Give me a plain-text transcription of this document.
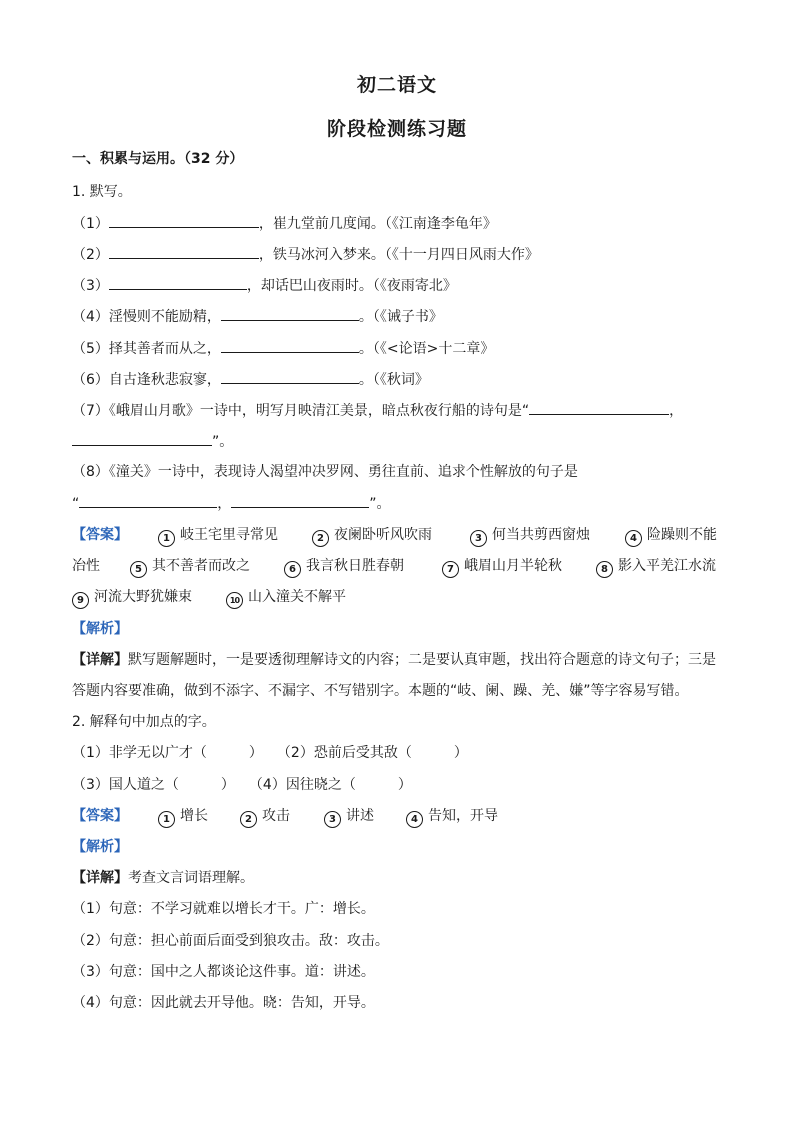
初二语文
阶段检测练习题
一、积累与运用。（32 分）
1. 默写。
（1）	，崔九堂前几度闻。（《江南逢李龟年》
（2）	，铁马冰河入梦来。（《十一月四日风雨大作》
（3）	，却话巴山夜雨时。（《夜雨寄北》
（4）淫慢则不能励精，	。（《诫子书》
（5）择其善者而从之，	。（《<论语>十二章》
（6）自古逢秋悲寂寥，	。（《秋词》
（7）《峨眉山月歌》一诗中，明写月映清江美景，暗点秋夜行船的诗句是“	，
”。
（8）《潼关》一诗中，表现诗人渴望冲决罗网、勇往直前、追求个性解放的句子是
“	，	”。
【答案】	1 岐王宅里寻常见	2 夜阑卧听风吹雨	3 何当共剪西窗烛	4 险躁则不能
冶性	5 其不善者而改之	6 我言秋日胜春朝	7 峨眉山月半轮秋	8 影入平羌江水流
9 河流大野犹嫌束	10 山入潼关不解平
【解析】
【详解】默写题解题时，一是要透彻理解诗文的内容；二是要认真审题，找出符合题意的诗文句子；三是
答题内容要准确，做到不添字、不漏字、不写错别字。本题的“岐、阑、躁、羌、嫌”等字容易写错。
2. 解释句中加点的字。
（1）非学无以广才（　　　）　　（2）恐前后受其敌（　　　）
（3）国人道之（　　　）　　（4）因往晓之（　　　）
【答案】	1 增长	2 攻击	3 讲述	4 告知，开导
【解析】
【详解】考查文言词语理解。
（1）句意：不学习就难以增长才干。广：增长。
（2）句意：担心前面后面受到狼攻击。敌：攻击。
（3）句意：国中之人都谈论这件事。道：讲述。
（4）句意：因此就去开导他。晓：告知，开导。
